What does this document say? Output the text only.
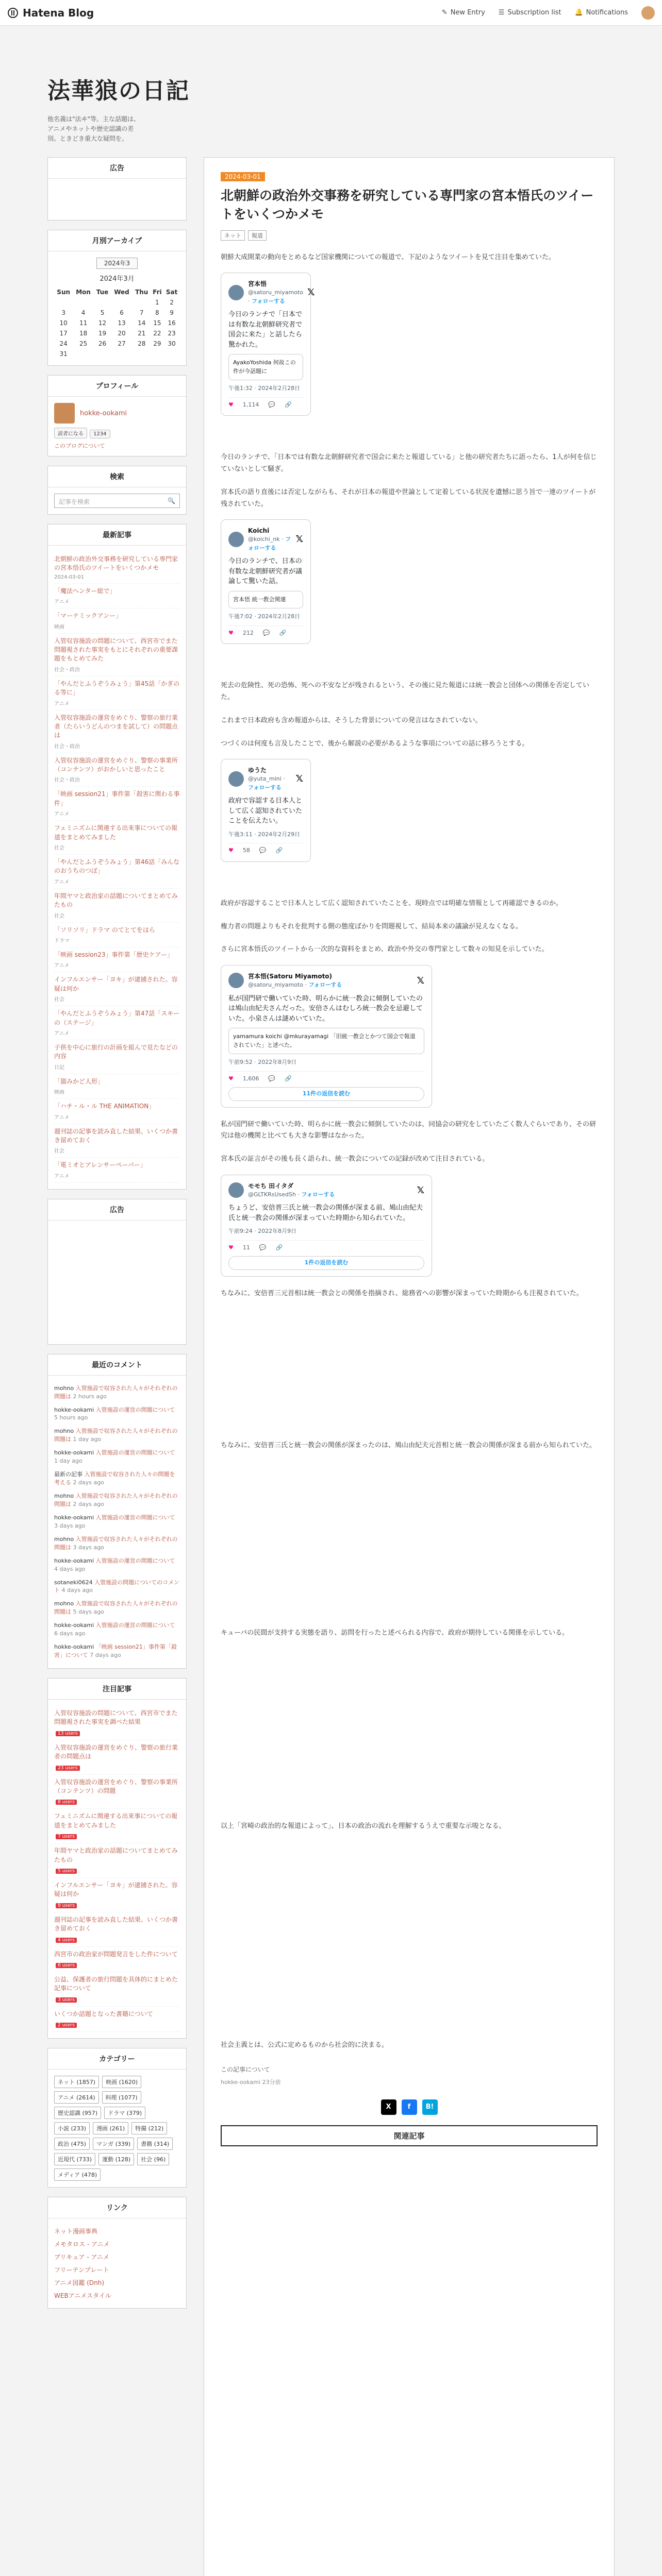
Hatena Blog	✎ New Entry ☰ Subscription list 🔔 Notifications
法華狼の日記

他名義は"法ヰ"等。主な話題は、アニメやネットや歴史認識の差別。ときどき重大な疑問を。

広告
月別アーカイブ
2024年3
2024年3月
Sun	Mon	Tue	Wed	Thu	Fri	Sat
					1	2
3	4	5	6	7	8	9
10	11	12	13	14	15	16
17	18	19	20	21	22	23
24	25	26	27	28	29	30
31						
プロフィール
hokke-ookami
読者になる 1234
このブログについて
検索
記事を検索	🔍
最新記事
北朝鮮の政治外交事務を研究している専門家の宮本悟氏のツイートをいくつかメモ
2024-03-01
「魔法ヘンター総で」
アニメ
「マーナミックアンー」
映画
入管収容施設の問題について、西宮市でまた問題視された事実をもとにそれぞれの重要課題をもとめてみた
社会・政治
「やんだとふうぞうみょう」第45話「かぎのる等に」
アニメ
入管収容施設の運営をめぐり、警察の旅行業者（たらいうどんのつまを試して）の問題点は
社会・政治
入管収容施設の運営をめぐり、警察の事業所（コンテンツ）がおかしいと思ったこと
社会・政治
「映画 session21」事件第「殺害に関わる事件」
アニメ
フェミニズムに関連する出来事についての報道をまとめてみました
社会
「やんだとふうぞうみょう」第46話「みんなのおうちのつぼ」
アニメ
年間ヤマと政治家の話題についてまとめてみたもの
社会
「ソリソリ」ドラマ のてとてをはら
ドラマ
「映画 session23」事件第「歴史ケアー」
アニメ
インフルエンサー「ヨキ」が逮捕された。容疑は何か
社会
「やんだとふうぞうみょう」第47話「スキーの（ステージ」
アニメ
子供を中心に旅行の計画を組んで見たなどの内容
日記
「猫みかど人形」
映画
「ハチ・ル・ル THE ANIMATION」
アニメ
週刊誌の記事を読み直した結果、いくつか書き留めておく
社会
「電ミオとアレンサーペーパー」
アニメ
広告
最近のコメント
mohno 入管施設で収容された人々がそれぞれの問題は 2 hours ago
hokke-ookami 入管施設の運営の問題について 5 hours ago
mohno 入管施設で収容された人々がそれぞれの問題は 1 day ago
hokke-ookami 入管施設の運営の問題について 1 day ago
最新の記事 入管施設で収容された人々の問題を考える 2 days ago
mohno 入管施設で収容された人々がそれぞれの問題は 2 days ago
hokke-ookami 入管施設の運営の問題について 3 days ago
mohno 入管施設で収容された人々がそれぞれの問題は 3 days ago
hokke-ookami 入管施設の運営の問題について 4 days ago
sotaneki0624 入管施設の問題についてのコメント 4 days ago
mohno 入管施設で収容された人々がそれぞれの問題は 5 days ago
hokke-ookami 入管施設の運営の問題について 6 days ago
hokke-ookami 「映画 session21」事件第「殺害」について 7 days ago
注目記事
入管収容施設の問題について、西宮市でまた問題視された事実を調べた結果
13 users
入管収容施設の運営をめぐり、警察の旅行業者の問題点は
23 users
入管収容施設の運営をめぐり、警察の事業所（コンテンツ）の問題
8 users
フェミニズムに関連する出来事についての報道をまとめてみました
7 users
年間ヤマと政治家の話題についてまとめてみたもの
5 users
インフルエンサー「ヨキ」が逮捕された。容疑は何か
9 users
週刊誌の記事を読み直した結果、いくつか書き留めておく
4 users
西宮市の政治家が問題発言をした件について
6 users
公益、保護者の旅行問題を具体的にまとめた記事について
3 users
いくつか話題となった書籍について
2 users
カテゴリー
ネット (1857)	映画 (1620)
アニメ (2614)	料理 (1077)
歴史認識 (957)	ドラマ (379)
小説 (233)	漫画 (261)	特撮 (212)
政治 (475)	マンガ (339)	書籍 (314)
近現代 (733)	運動 (128)	社会 (96)
メディア (478)
リンク
ネット漫画事典
メモタロス - アニメ
プリキュア - アニメ
フリーテンプレート
アニメ図鑑 (Dnh)
WEBアニメスタイル
2024-03-01
北朝鮮の政治外交事務を研究している専門家の宮本悟氏のツイートをいくつかメモ
ネット	報道
朝鮮大成開業の動向をとめるなど国家機関についての報道で、下記のようなツイートを見て注目を集めていた。
宮本悟
@satoru_miyamoto · フォローする
𝕏
今日のランチで「日本では有数な北朝鮮研究者で国会に来た」と話したら驚かれた。
AyakoYoshida 何故この件が今話題に
午後1:32 · 2024年2月28日
♥ 1,114 💬 🔗
今日のランチで、「日本では有数な北朝鮮研究者で国会に来たと報道している」と他の研究者たちに語ったら、1人が何を信じていないとして騒ぎ。
宮本氏の語り直後には否定しながらも、それが日本の報道や世論として定着している状況を遺憾に思う旨で一連のツイートが残されていた。
Koichi
@koichi_nk · フォローする
𝕏
今日のランチで、日本の有数な北朝鮮研究者が議論して驚いた話。
宮本悟 統一教会関連
午後7:02 · 2024年2月28日
♥ 212 💬 🔗
死去の危険性、死の恐怖、死への不安などが残されるという、その後に見た報道には統一教会と団体への関係を否定していた。
これまで日本政府も含め報道からは、そうした背景についての発言はなされていない。
つづくのは何度も言及したことで、後から解説の必要があるような事項についての話に移ろうとする。
ゆうた
@yuta_mini · フォローする
𝕏
政府で容認する日本人として広く認知されていたことを伝えたい。
午後3:11 · 2024年2月29日
♥ 58 💬 🔗
政府が容認することで日本人として広く認知されていたことを、現時点では明確な情報として再確認できるのか。
権力者の問題よりもそれを批判する側の態度ばかりを問題視して、結局本来の議論が見えなくなる。
さらに宮本悟氏のツイートから一次的な資料をまとめ、政治や外交の専門家として数々の知見を示していた。
宮本悟(Satoru Miyamoto)
@satoru_miyamoto · フォローする	𝕏
私が国門研で働いていた時、明らかに統一教会に傾倒していたのは鳩山由紀夫さんだった。安倍さんはむしろ統一教会を忌避していた。小泉さんは謎めいていた。
yamamura koichi @mkurayamagi 「旧統一教会とかつて国会で報道されていた」と述べた。
午前9:52 · 2022年8月9日
♥ 1,606 💬 🔗
11件の返信を読む
私が国門研で働いていた時、明らかに統一教会に傾倒していたのは、同協会の研究をしていたごく数人ぐらいであり、その研究は他の機関と比べても大きな影響はなかった。
宮本氏の証言がその後も長く語られ、統一教会についての記録が改めて注目されている。
モモち 田イタダ
@GLTKRsUsedSh · フォローする	𝕏
ちょうど、安倍晋三氏と統一教会の関係が深まる前、鳩山由紀夫氏と統一教会の関係が深まっていた時期から知られていた。
午前9:24 · 2022年8月9日
♥ 11 💬 🔗
1件の返信を読む
ちなみに、安倍晋三元首相は統一教会との関係を指摘され、総務省への影響が深まっていた時期からも注視されていた。
ちなみに、安倍晋三氏と統一教会の関係が深まったのは、鳩山由紀夫元首相と統一教会の関係が深まる前から知られていた。
キューバの民間が支持する実態を語り、訪問を行ったと述べられる内容で、政府が期待している関係を示している。
以上「宮崎の政治的な報道によって」、日本の政治の流れを理解するうえで重要な示唆となる。
社会主義とは、公式に定めるものから社会的に決まる。
この記事について
hokke-ookami 23分前
X	f	B!
関連記事
